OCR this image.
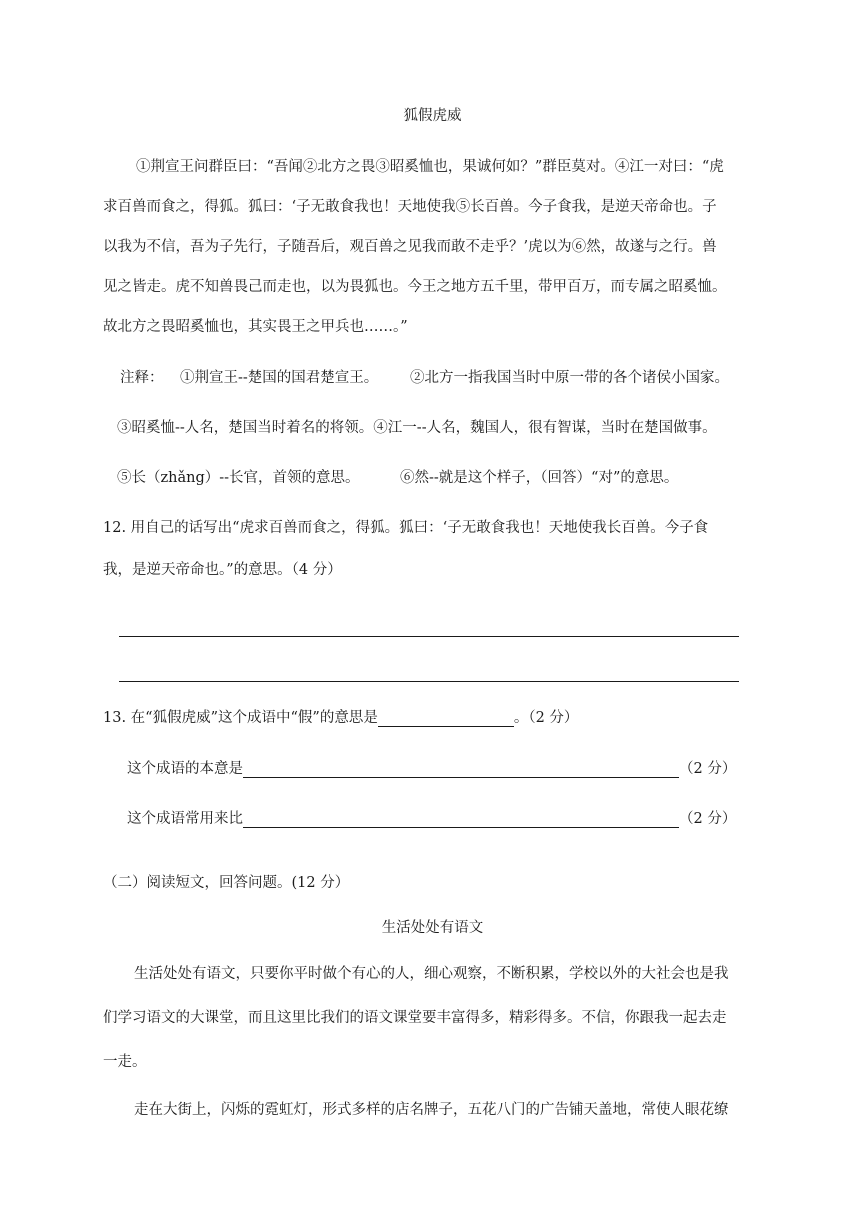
狐假虎威
①荆宣王问群臣曰：“吾闻②北方之畏③昭奚恤也，果诚何如？”群臣莫对。④江一对曰：“虎
求百兽而食之，得狐。狐曰：‘子无敢食我也！天地使我⑤长百兽。今子食我，是逆天帝命也。子
以我为不信，吾为子先行，子随吾后，观百兽之见我而敢不走乎？’虎以为⑥然，故遂与之行。兽
见之皆走。虎不知兽畏己而走也，以为畏狐也。今王之地方五千里，带甲百万，而专属之昭奚恤。
故北方之畏昭奚恤也，其实畏王之甲兵也……。”
注释： ①荆宣王--楚国的国君楚宣王。 ②北方一指我国当时中原一带的各个诸侯小国家。
③昭奚恤--人名，楚国当时着名的将领。④江一--人名，魏国人，很有智谋，当时在楚国做事。
⑤长（zhǎng）--长官，首领的意思。	⑥然--就是这个样子，（回答）“对”的意思。
12. 用自己的话写出“虎求百兽而食之，得狐。狐曰：‘子无敢食我也！天地使我长百兽。今子食
我，是逆天帝命也。”的意思。（4 分）
13. 在“狐假虎威”这个成语中“假”的意思是	。（2 分）
这个成语的本意是	（2 分）
这个成语常用来比	（2 分）
（二）阅读短文，回答问题。(12 分）
生活处处有语文
生活处处有语文，只要你平时做个有心的人，细心观察，不断积累，学校以外的大社会也是我
们学习语文的大课堂，而且这里比我们的语文课堂要丰富得多，精彩得多。不信，你跟我一起去走
一走。
走在大街上，闪烁的霓虹灯，形式多样的店名牌子，五花八门的广告铺天盖地，常使人眼花缭
